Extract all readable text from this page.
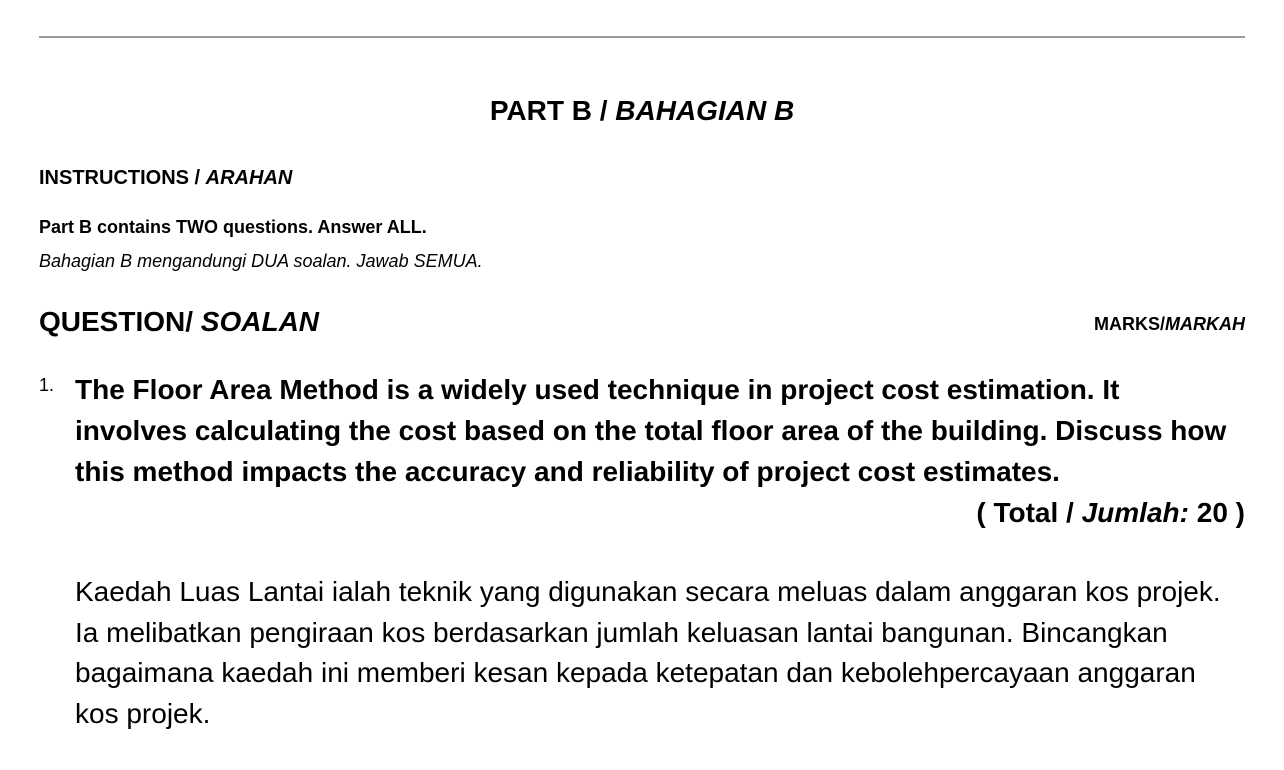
PART B / BAHAGIAN B
INSTRUCTIONS / ARAHAN
Part B contains TWO questions. Answer ALL.
Bahagian B mengandungi DUA soalan. Jawab SEMUA.
QUESTION/ SOALAN	MARKS/MARKAH
1. The Floor Area Method is a widely used technique in project cost estimation. It involves calculating the cost based on the total floor area of the building. Discuss how this method impacts the accuracy and reliability of project cost estimates.
( Total / Jumlah: 20 )
Kaedah Luas Lantai ialah teknik yang digunakan secara meluas dalam anggaran kos projek. Ia melibatkan pengiraan kos berdasarkan jumlah keluasan lantai bangunan. Bincangkan bagaimana kaedah ini memberi kesan kepada ketepatan dan kebolehpercayaan anggaran kos projek.
